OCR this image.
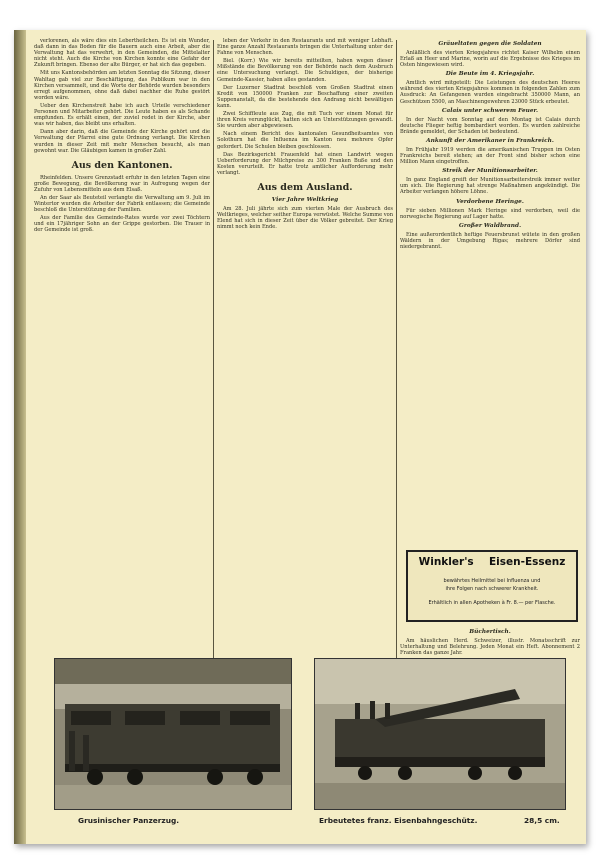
verlorenen, als wäre dies ein Lebertheilchen. Es ist ein Wunder, daß dann in das Boden für die Bauern auch eine Arbeit, aber die Verwaltung hat das verwehrt, in den Gemeinden, die Mittelalter nicht steht. Auch die Kirche von Kirchen konnte eine Gefahr der Zukunft bringen. Ebenso der alte Bürger, er hat sich das gegeben.

Mit uns Kantonsbehörden am letzten Sonntag die Sitzung, dieser Wahltag gab viel zur Beschäftigung, das Publikum war in den Kirchen versammelt, und die Worte der Behörde wurden besonders erregt aufgenommen, ohne daß dabei nachher die Ruhe gestört worden wäre.

Ueber den Kirchenstreit habe ich auch Urteile verschiedener Personen und Mitarbeiter gehört. Die Leute haben es als Schande empfunden. Es erhält einen, der zuviel redet in der Kirche, aber was wir haben, das bleibt uns erhalten.

Dann aber darin, daß die Gemeinde der Kirche gehört und die Verwaltung der Pfarrei eine gute Ordnung verlangt. Die Kirchen wurden in dieser Zeit mit mehr Menschen besucht, als man gewohnt war. Die Gläubigen kamen in großer Zahl.

Aus den Kantonen.

Rheinfelden. Unsere Grenzstadt erfuhr in den letzten Tagen eine große Bewegung, die Bevölkerung war in Aufregung wegen der Zufuhr von Lebensmitteln aus dem Elsaß.

An der Saar als Beuteteil verlangte die Verwaltung am 9. Juli im Wintertor wurden die Arbeiter der Fabrik entlassen; die Gemeinde beschloß die Unterstützung der Familien.

Aus der Familie des Gemeinde-Rates wurde vor zwei Töchtern und ein 17jähriger Sohn an der Grippe gestorben. Die Trauer in der Gemeinde ist groß.

leben der Verkehr in den Restaurants und mit weniger Lebhaft. Eine ganze Anzahl Restaurants bringen die Unterhaltung unter der Fahne von Menschen.

Biel. (Korr.) Wie wir bereits mitteilten, haben wegen dieser Mißstände die Bevölkerung von der Behörde nach dem Ausbruch eine Untersuchung verlangt. Die Schuldigen, der bisherige Gemeinde-Kassier, haben alles gestanden.

Der Luzerner Stadtrat beschloß vom Großen Stadtrat einen Kredit von 150000 Franken zur Beschaffung einer zweiten Suppenanstalt, da die bestehende den Andrang nicht bewältigen kann.

Zwei Schiffleute aus Zug, die mit Tuch vor einem Monat für ihren Kreis verunglückt, hatten sich an Unterstützungen gewandt. Sie wurden aber abgewiesen.

Nach einem Bericht des kantonalen Gesundheitsamtes von Solothurn hat die Influenza im Kanton neu mehrere Opfer gefordert. Die Schulen bleiben geschlossen.

Das Bezirksgericht Frauenfeld hat einen Landwirt wegen Ueberforderung der Milchpreise zu 300 Franken Buße und den Kosten verurteilt. Er hatte trotz amtlicher Aufforderung mehr verlangt.

Aus dem Ausland.
Vier Jahre Weltkrieg

Am 28. Juli jährte sich zum vierten Male der Ausbruch des Weltkrieges, welcher seither Europa verwüstet. Welche Summe von Elend hat sich in dieser Zeit über die Völker gebreitet. Der Krieg nimmt noch kein Ende.

Gräueltaten gegen die Soldaten

Anläßlich des vierten Kriegsjahres richtet Kaiser Wilhelm einen Erlaß an Heer und Marine, worin auf die Ergebnisse des Krieges im Osten hingewiesen wird.

Die Beute im 4. Kriegsjahr.

Amtlich wird mitgeteilt: Die Leistungen des deutschen Heeres während des vierten Kriegsjahres kommen in folgenden Zahlen zum Ausdruck: An Gefangenen wurden eingebracht 350000 Mann, an Geschützen 5500, an Maschinengewehren 23000 Stück erbeutet.

Calais unter schwerem Feuer.

In der Nacht vom Sonntag auf den Montag ist Calais durch deutsche Flieger heftig bombardiert worden. Es wurden zahlreiche Brände gemeldet, der Schaden ist bedeutend.

Ankunft der Amerikaner in Frankreich.

Im Frühjahr 1919 werden die amerikanischen Truppen im Osten Frankreichs bereit stehen; an der Front sind bisher schon eine Million Mann eingetroffen.

Streik der Munitionsarbeiter.

In ganz England greift der Munitionsarbeiterstreik immer weiter um sich. Die Regierung hat strenge Maßnahmen angekündigt. Die Arbeiter verlangen höhere Löhne.

Verdorbene Heringe.

Für sieben Millionen Mark Heringe sind verdorben, weil die norwegische Regierung auf Lager hatte.

Großer Waldbrand.

Eine außerordentlich heftige Feuersbrunst wütete in den großen Wäldern in der Umgebung Rigas; mehrere Dörfer sind niedergebrannt.

Winkler's Eisen-Essenz
bewährtes Heilmittel bei Influenza und
ihre Folgen nach schwerer Krankheit.
Erhältlich in allen Apotheken à Fr. 8.— per Flasche.
Büchertisch.

Am häuslichen Herd. Schweizer, illustr. Monatsschrift zur Unterhaltung und Belehrung. Jeden Monat ein Heft. Abonnement 2 Franken das ganze Jahr.

Grusinischer Panzerzug.	Erbeutetes franz. Eisenbahngeschütz.	28,5 cm.
